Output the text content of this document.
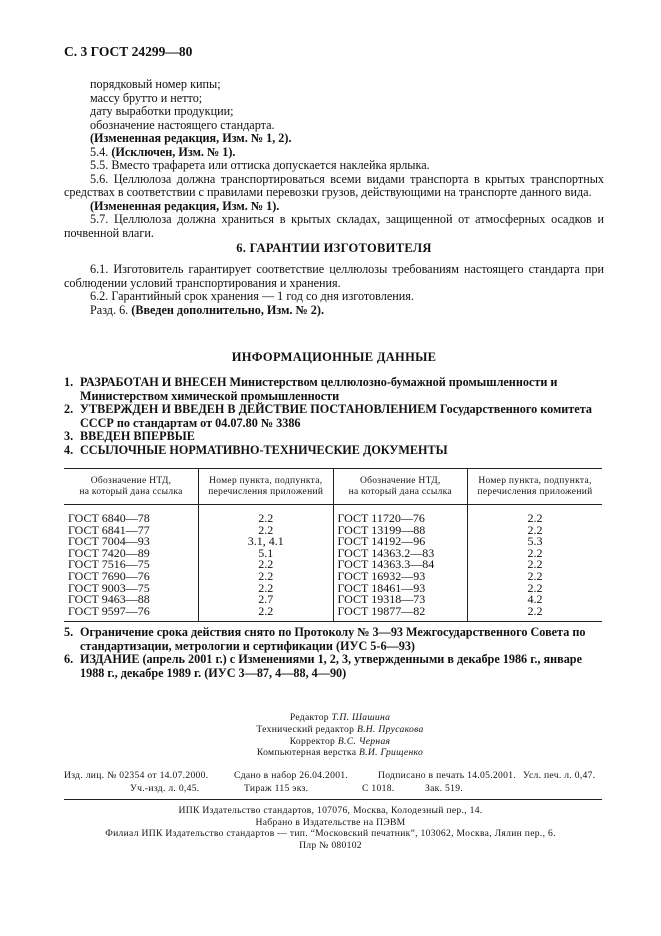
С. 3 ГОСТ 24299—80

порядковый номер кипы;

массу брутто и нетто;

дату выработки продукции;

обозначение настоящего стандарта.

(Измененная редакция, Изм. № 1, 2).

5.4. (Исключен, Изм. № 1).

5.5. Вместо трафарета или оттиска допускается наклейка ярлыка.

5.6. Целлюлоза должна транспортироваться всеми видами транспорта в крытых транспортных средствах в соответствии с правилами перевозки грузов, действующими на транспорте данного вида.

(Измененная редакция, Изм. № 1).

5.7. Целлюлоза должна храниться в крытых складах, защищенной от атмосферных осадков и почвенной влаги.

6. ГАРАНТИИ ИЗГОТОВИТЕЛЯ

6.1. Изготовитель гарантирует соответствие целлюлозы требованиям настоящего стандарта при соблюдении условий транспортирования и хранения.

6.2. Гарантийный срок хранения — 1 год со дня изготовления.

Разд. 6. (Введен дополнительно, Изм. № 2).

ИНФОРМАЦИОННЫЕ ДАННЫЕ
1. РАЗРАБОТАН И ВНЕСЕН Министерством целлюлозно-бумажной промышленности и Министерством химической промышленности
2. УТВЕРЖДЕН И ВВЕДЕН В ДЕЙСТВИЕ ПОСТАНОВЛЕНИЕМ Государственного комитета СССР по стандартам от 04.07.80 № 3386
3. ВВЕДЕН ВПЕРВЫЕ
4. ССЫЛОЧНЫЕ НОРМАТИВНО-ТЕХНИЧЕСКИЕ ДОКУМЕНТЫ
Обозначение НТД,
на который дана ссылка	Номер пункта, подпункта,
перечисления приложений	Обозначение НТД,
на который дана ссылка	Номер пункта, подпункта,
перечисления приложений
ГОСТ 6840—78	2.2	ГОСТ 11720—76	2.2
ГОСТ 6841—77	2.2	ГОСТ 13199—88	2.2
ГОСТ 7004—93	3.1, 4.1	ГОСТ 14192—96	5.3
ГОСТ 7420—89	5.1	ГОСТ 14363.2—83	2.2
ГОСТ 7516—75	2.2	ГОСТ 14363.3—84	2.2
ГОСТ 7690—76	2.2	ГОСТ 16932—93	2.2
ГОСТ 9003—75	2.2	ГОСТ 18461—93	2.2
ГОСТ 9463—88	2.7	ГОСТ 19318—73	4.2
ГОСТ 9597—76	2.2	ГОСТ 19877—82	2.2
5. Ограничение срока действия снято по Протоколу № 3—93 Межгосударственного Совета по стандартизации, метрологии и сертификации (ИУС 5-6—93)
6. ИЗДАНИЕ (апрель 2001 г.) с Изменениями 1, 2, 3, утвержденными в декабре 1986 г., январе 1988 г., декабре 1989 г. (ИУС 3—87, 4—88, 4—90)
Редактор Т.П. Шашина
Технический редактор В.Н. Прусакова
Корректор В.С. Черная
Компьютерная верстка В.И. Грищенко
Изд. лиц. № 02354 от 14.07.2000.	Сдано в набор 26.04.2001.	Подписано в печать 14.05.2001. Усл. печ. л. 0,47.
Уч.-изд. л. 0,45.	Тираж 115 экз.	С 1018.	Зак. 519.
ИПК Издательство стандартов, 107076, Москва, Колодезный пер., 14.
Набрано в Издательстве на ПЭВМ
Филиал ИПК Издательство стандартов — тип. “Московский печатник”, 103062, Москва, Лялин пер., 6.
Плр № 080102
